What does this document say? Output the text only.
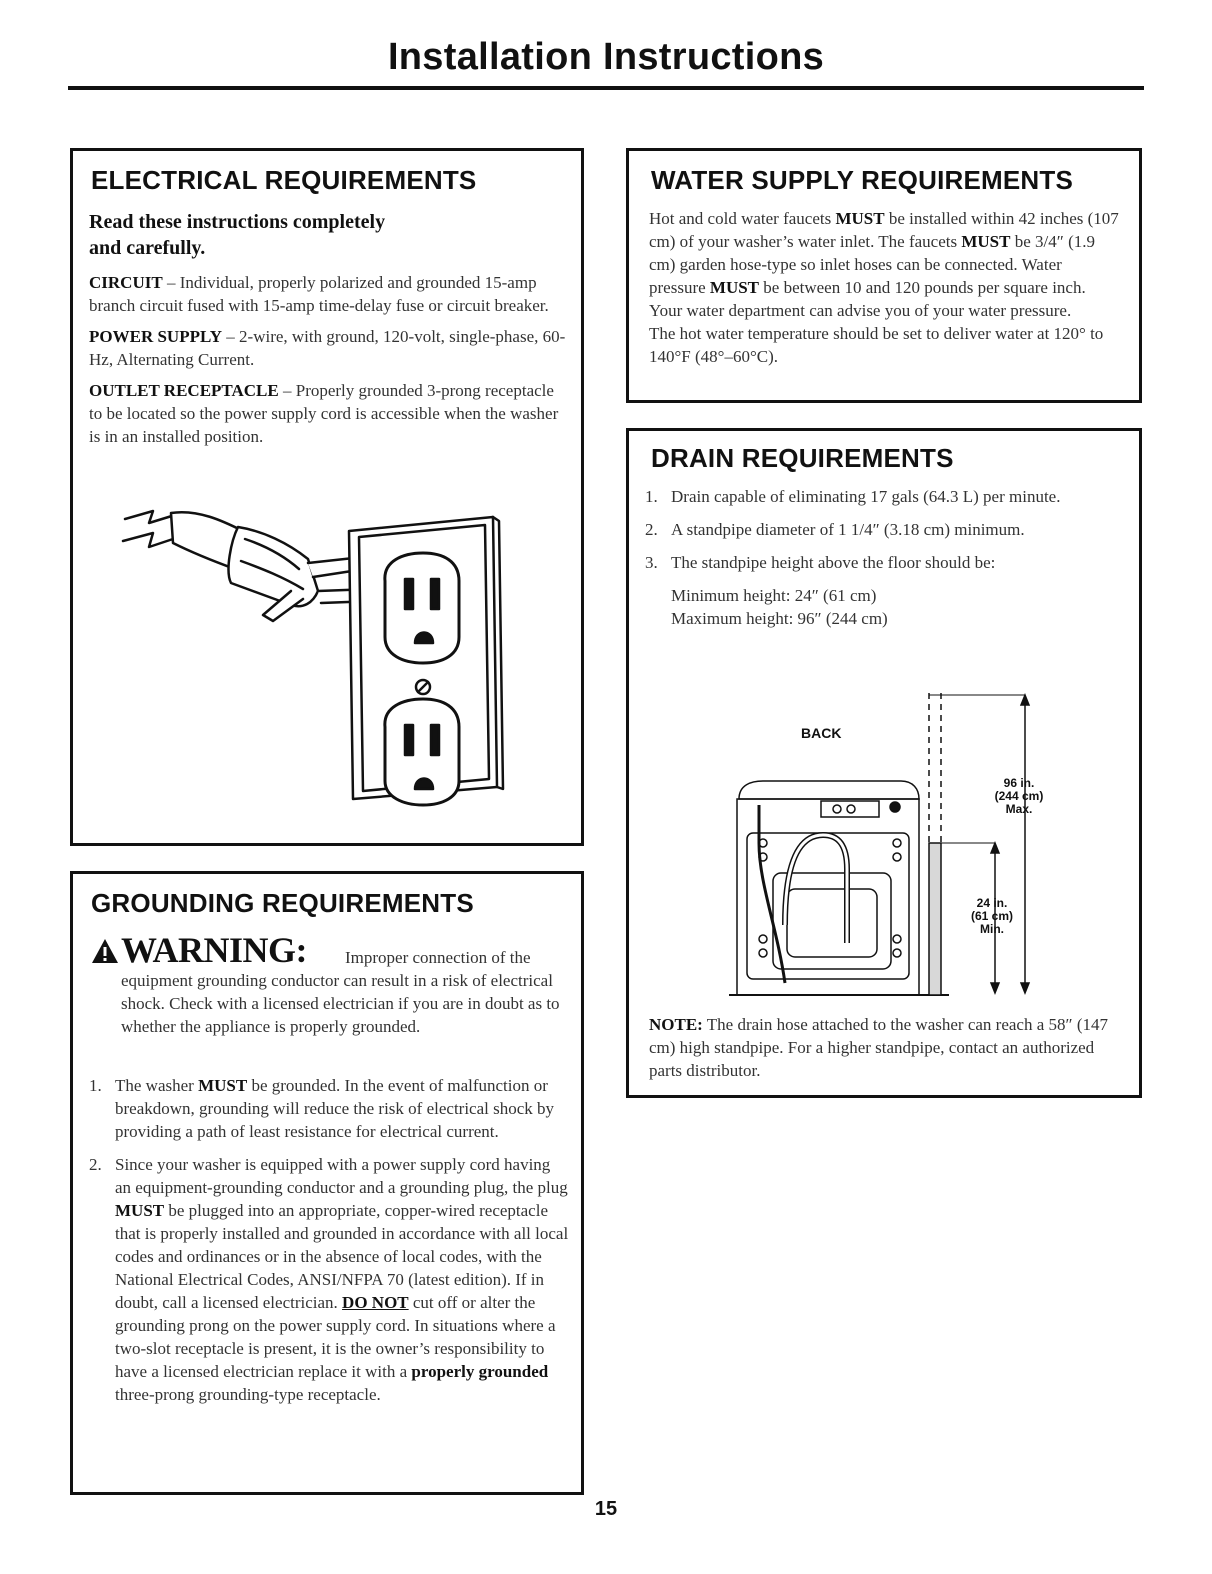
Installation Instructions
ELECTRICAL REQUIREMENTS
Read these instructions completely
and carefully.

CIRCUIT – Individual, properly polarized and grounded 15-amp branch circuit fused with 15-amp time-delay fuse or circuit breaker.

POWER SUPPLY – 2-wire, with ground, 120-volt, single-phase, 60-Hz, Alternating Current.

OUTLET RECEPTACLE – Properly grounded 3-prong receptacle to be located so the power supply cord is accessible when the washer is in an installed position.

GROUNDING REQUIREMENTS
WARNING:	Improper connection of the equipment grounding conductor can result in a risk of electrical shock. Check with a licensed electrician if you are in doubt as to whether the appliance is properly grounded.
1. The washer MUST be grounded. In the event of malfunction or breakdown, grounding will reduce the risk of electrical shock by providing a path of least resistance for electrical current.
2. Since your washer is equipped with a power supply cord having an equipment-grounding conductor and a grounding plug, the plug MUST be plugged into an appropriate, copper-wired receptacle that is properly installed and grounded in accordance with all local codes and ordinances or in the absence of local codes, with the National Electrical Codes, ANSI/NFPA 70 (latest edition). If in doubt, call a licensed electrician. DO NOT cut off or alter the grounding prong on the power supply cord. In situations where a two-slot receptacle is present, it is the owner’s responsibility to have a licensed electrician replace it with a properly grounded three-prong grounding-type receptacle.
WATER SUPPLY REQUIREMENTS

Hot and cold water faucets MUST be installed within 42 inches (107 cm) of your washer’s water inlet. The faucets MUST be 3/4″ (1.9 cm) garden hose-type so inlet hoses can be connected. Water pressure MUST be between 10 and 120 pounds per square inch. Your water department can advise you of your water pressure.

The hot water temperature should be set to deliver water at 120° to 140°F (48°–60°C).

DRAIN REQUIREMENTS
1. Drain capable of eliminating 17 gals (64.3 L) per minute.
2. A standpipe diameter of 1 1/4″ (3.18 cm) minimum.
3. The standpipe height above the floor should be:
Minimum height: 24″ (61 cm)
Maximum height: 96″ (244 cm)
BACK
96 in.
(244 cm)
Max.
24 in.
(61 cm)
Min.

NOTE: The drain hose attached to the washer can reach a 58″ (147 cm) high standpipe. For a higher standpipe, contact an authorized parts distributor.

15
